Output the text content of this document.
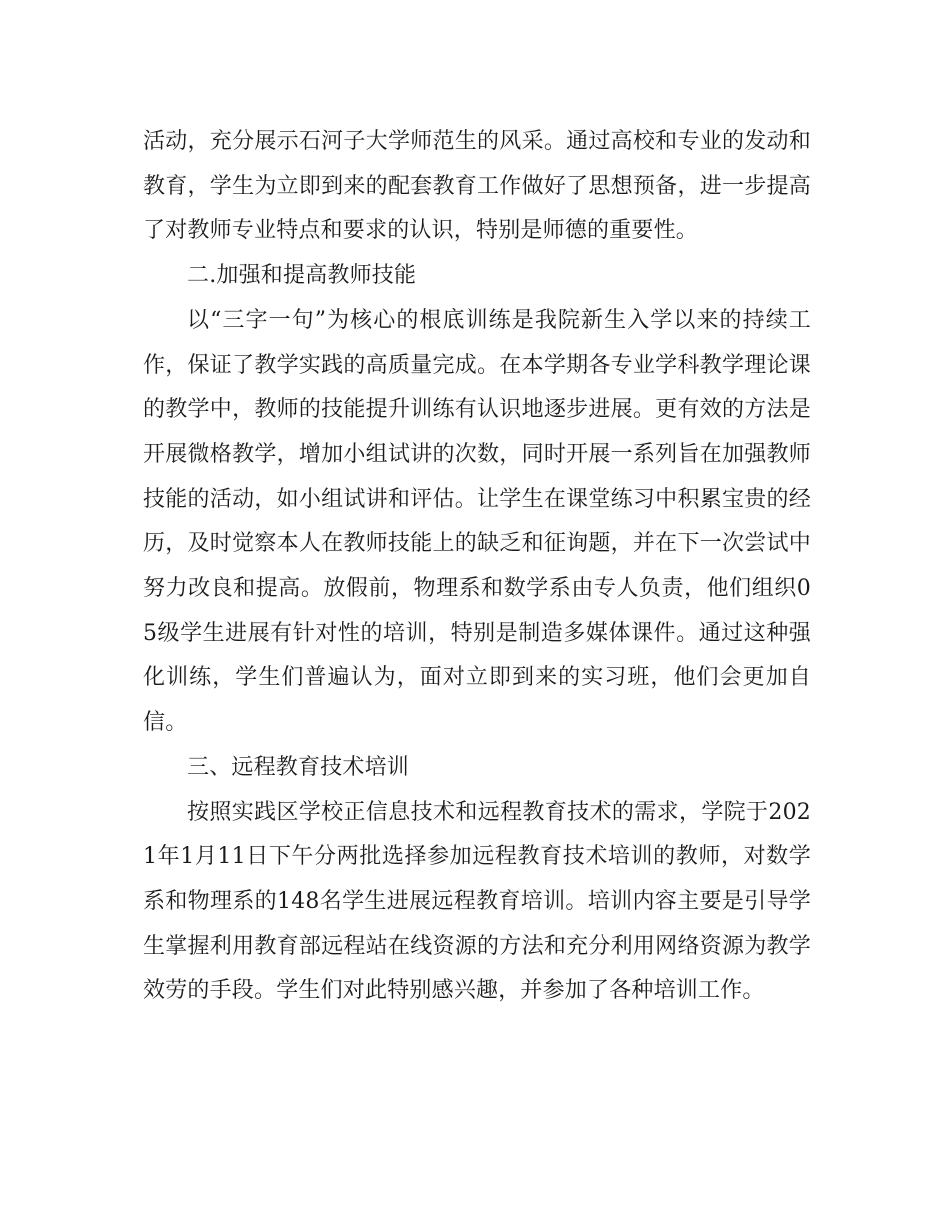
活动，充分展示石河子大学师范生的风采。通过高校和专业的发动和教育，学生为立即到来的配套教育工作做好了思想预备，进一步提高了对教师专业特点和要求的认识，特别是师德的重要性。

二.加强和提高教师技能

以“三字一句”为核心的根底训练是我院新生入学以来的持续工作，保证了教学实践的高质量完成。在本学期各专业学科教学理论课的教学中，教师的技能提升训练有认识地逐步进展。更有效的方法是开展微格教学，增加小组试讲的次数，同时开展一系列旨在加强教师技能的活动，如小组试讲和评估。让学生在课堂练习中积累宝贵的经历，及时觉察本人在教师技能上的缺乏和征询题，并在下一次尝试中努力改良和提高。放假前，物理系和数学系由专人负责，他们组织05级学生进展有针对性的培训，特别是制造多媒体课件。通过这种强化训练，学生们普遍认为，面对立即到来的实习班，他们会更加自信。

三、远程教育技术培训

按照实践区学校正信息技术和远程教育技术的需求，学院于2021年1月11日下午分两批选择参加远程教育技术培训的教师，对数学系和物理系的148名学生进展远程教育培训。培训内容主要是引导学生掌握利用教育部远程站在线资源的方法和充分利用网络资源为教学效劳的手段。学生们对此特别感兴趣，并参加了各种培训工作。
